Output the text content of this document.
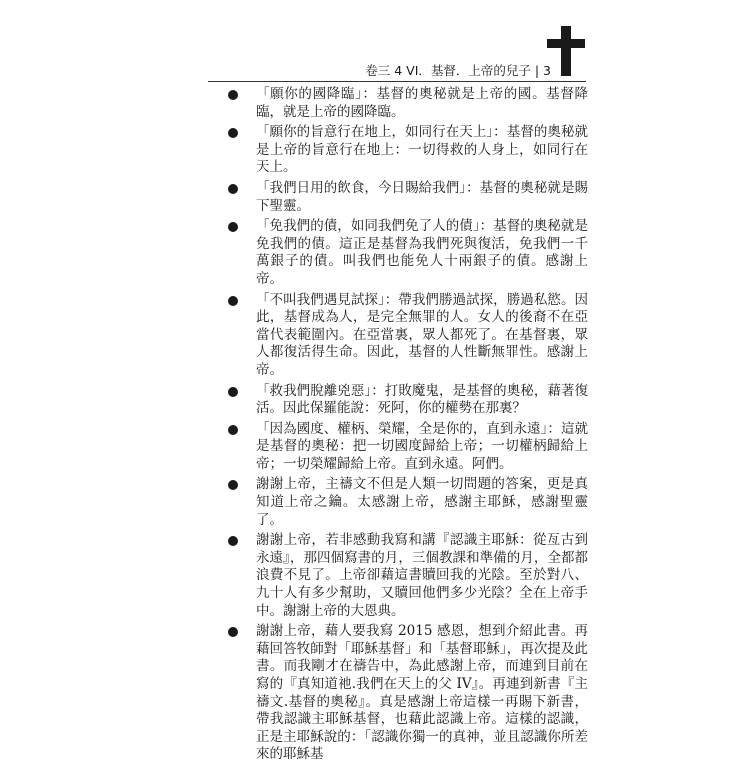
卷三 4 VI．基督．上帝的兒子 | 3
「願你的國降臨」：基督的奧秘就是上帝的國。基督降臨，就是上帝的國降臨。
「願你的旨意行在地上，如同行在天上」：基督的奧秘就是上帝的旨意行在地上：一切得救的人身上，如同行在天上。
「我們日用的飲食，今日賜給我們」：基督的奧秘就是賜下聖靈。
「免我們的債，如同我們免了人的債」：基督的奧秘就是免我們的債。這正是基督為我們死與復活，免我們一千萬銀子的債。叫我們也能免人十兩銀子的債。感謝上帝。
「不叫我們遇見試探」：帶我們勝過試探，勝過私慾。因此，基督成為人，是完全無罪的人。女人的後裔不在亞當代表範圍內。在亞當裏，眾人都死了。在基督裏，眾人都復活得生命。因此，基督的人性斷無罪性。感謝上帝。
「救我們脫離兇惡」：打敗魔鬼，是基督的奧秘，藉著復活。因此保羅能說：死阿，你的權勢在那裏？
「因為國度、權柄、榮耀，全是你的，直到永遠」：這就是基督的奧秘：把一切國度歸給上帝；一切權柄歸給上帝；一切榮耀歸給上帝。直到永遠。阿們。
謝謝上帝，主禱文不但是人類一切問題的答案，更是真知道上帝之鑰。太感謝上帝，感謝主耶穌，感謝聖靈了。
謝謝上帝，若非感動我寫和講『認識主耶穌：從亙古到永遠』，那四個寫書的月，三個教課和準備的月，全都都浪費不見了。上帝卻藉這書贖回我的光陰。至於對八、九十人有多少幫助，又贖回他們多少光陰？全在上帝手中。謝謝上帝的大恩典。
謝謝上帝，藉人要我寫 2015 感恩，想到介紹此書。再藉回答牧師對「耶穌基督」和「基督耶穌」，再次提及此書。而我剛才在禱告中，為此感謝上帝，而連到目前在寫的『真知道祂.我們在天上的父 IV』。再連到新書『主禱文.基督的奧秘』。真是感謝上帝這樣一再賜下新書，帶我認識主耶穌基督，也藉此認識上帝。這樣的認識，正是主耶穌說的：「認識你獨一的真神，並且認識你所差來的耶穌基
